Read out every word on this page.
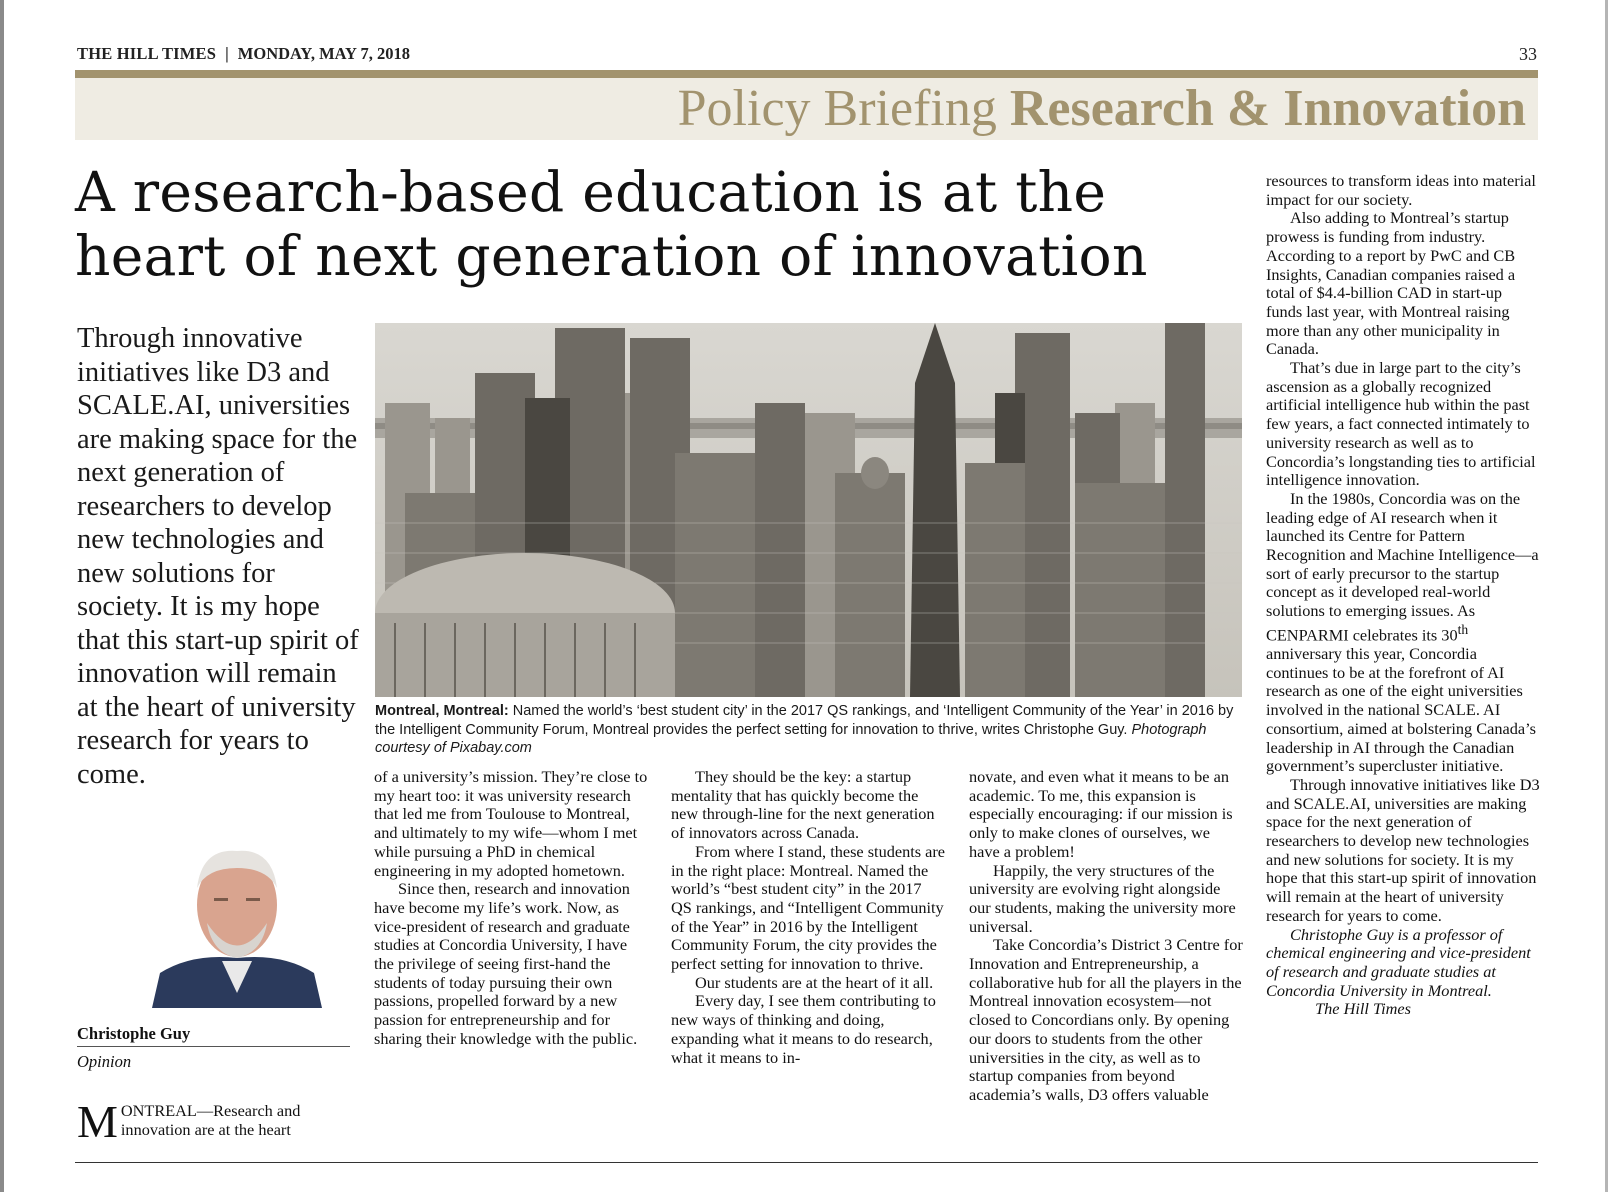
THE HILL TIMES | MONDAY, MAY 7, 2018	33
Policy Briefing Research & Innovation
A research-based education is at the heart of next generation of innovation

Through innovative initiatives like D3 and SCALE.AI, universities are making space for the next generation of researchers to develop new technologies and new solutions for society. It is my hope that this start-up spirit of innovation will remain at the heart of university research for years to come.

Montreal, Montreal: Named the world’s ‘best student city’ in the 2017 QS rankings, and ‘Intelligent Community of the Year’ in 2016 by the Intelligent Community Forum, Montreal provides the perfect setting for innovation to thrive, writes Christophe Guy. Photograph courtesy of Pixabay.com

Christophe Guy
Opinion

MONTREAL—Research and innovation are at the heart

of a university’s mission. They’re close to my heart too: it was university research that led me from Toulouse to Montreal, and ultimately to my wife—whom I met while pursuing a PhD in chemical engineering in my adopted hometown.

Since then, research and innovation have become my life’s work. Now, as vice-president of research and graduate studies at Concordia University, I have the privilege of seeing first-hand the students of today pursuing their own passions, propelled forward by a new passion for entrepreneurship and for sharing their knowledge with the public.

They should be the key: a startup mentality that has quickly become the new through-line for the next generation of innovators across Canada.

From where I stand, these students are in the right place: Montreal. Named the world’s “best student city” in the 2017 QS rankings, and “Intelligent Community of the Year” in 2016 by the Intelligent Community Forum, the city provides the perfect setting for innovation to thrive.

Our students are at the heart of it all.

Every day, I see them contributing to new ways of thinking and doing, expanding what it means to do research, what it means to in-

novate, and even what it means to be an academic. To me, this expansion is especially encouraging: if our mission is only to make clones of ourselves, we have a problem!

Happily, the very structures of the university are evolving right alongside our students, making the university more universal.

Take Concordia’s District 3 Centre for Innovation and Entrepreneurship, a collaborative hub for all the players in the Montreal innovation ecosystem—not closed to Concordians only. By opening our doors to students from the other universities in the city, as well as to startup companies from beyond academia’s walls, D3 offers valuable

resources to transform ideas into material impact for our society.

Also adding to Montreal’s startup prowess is funding from industry. According to a report by PwC and CB Insights, Canadian companies raised a total of $4.4-billion CAD in start-up funds last year, with Montreal raising more than any other municipality in Canada.

That’s due in large part to the city’s ascension as a globally recognized artificial intelligence hub within the past few years, a fact connected intimately to university research as well as to Concordia’s longstanding ties to artificial intelligence innovation.

In the 1980s, Concordia was on the leading edge of AI research when it launched its Centre for Pattern Recognition and Machine Intelligence—a sort of early precursor to the startup concept as it developed real-world solutions to emerging issues. As CENPARMI celebrates its 30th anniversary this year, Concordia continues to be at the forefront of AI research as one of the eight universities involved in the national SCALE. AI consortium, aimed at bolstering Canada’s leadership in AI through the Canadian government’s supercluster initiative.

Through innovative initiatives like D3 and SCALE.AI, universities are making space for the next generation of researchers to develop new technologies and new solutions for society. It is my hope that this start-up spirit of innovation will remain at the heart of university research for years to come.

Christophe Guy is a professor of chemical engineering and vice-president of research and graduate studies at Concordia University in Montreal.

The Hill Times
